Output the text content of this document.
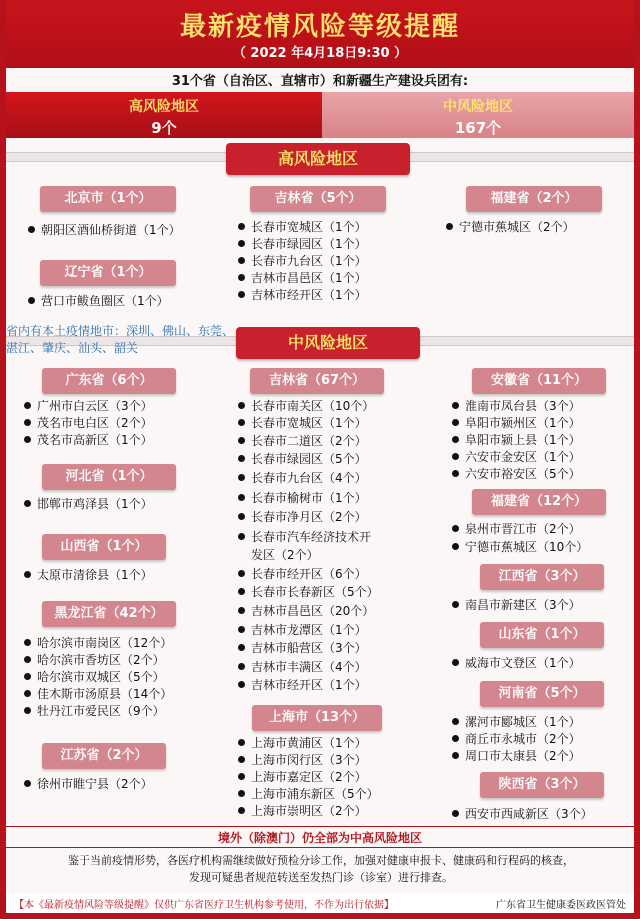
最新疫情风险等级提醒
（ 2022 年4月18日9:30 ）
31个省（自治区、直辖市）和新疆生产建设兵团有:
高风险地区
9个
中风险地区
167个
高风险地区
北京市（1个）
朝阳区酒仙桥街道（1个）
辽宁省（1个）
营口市鲅鱼圈区（1个）
吉林省（5个）
长春市宽城区（1个）
长春市绿园区（1个）
长春市九台区（1个）
吉林市昌邑区（1个）
吉林市经开区（1个）
福建省（2个）
宁德市蕉城区（2个）
省内有本土疫情地市：深圳、佛山、东莞、湛江、肇庆、汕头、韶关	中风险地区
广东省（6个）
广州市白云区（3个）
茂名市电白区（2个）
茂名市高新区（1个）
河北省（1个）
邯郸市鸡泽县（1个）
山西省（1个）
太原市清徐县（1个）
黑龙江省（42个）
哈尔滨市南岗区（12个）
哈尔滨市香坊区（2个）
哈尔滨市双城区（5个）
佳木斯市汤原县（14个）
牡丹江市爱民区（9个）
江苏省（2个）
徐州市睢宁县（2个）
吉林省（67个）
长春市南关区（10个）
长春市宽城区（1个）
长春市二道区（2个）
长春市绿园区（5个）
长春市九台区（4个）
长春市榆树市（1个）
长春市净月区（2个）
长春市汽车经济技术开
发区（2个）
长春市经开区（6个）
长春市长春新区（5个）
吉林市昌邑区（20个）
吉林市龙潭区（1个）
吉林市船营区（3个）
吉林市丰满区（4个）
吉林市经开区（1个）
上海市（13个）
上海市黄浦区（1个）
上海市闵行区（3个）
上海市嘉定区（2个）
上海市浦东新区（5个）
上海市崇明区（2个）
安徽省（11个）
淮南市凤台县（3个）
阜阳市颍州区（1个）
阜阳市颍上县（1个）
六安市金安区（1个）
六安市裕安区（5个）
福建省（12个）
泉州市晋江市（2个）
宁德市蕉城区（10个）
江西省（3个）
南昌市新建区（3个）
山东省（1个）
威海市文登区（1个）
河南省（5个）
漯河市郾城区（1个）
商丘市永城市（2个）
周口市太康县（2个）
陕西省（3个）
西安市西咸新区（3个）
境外（除澳门）仍全部为中高风险地区
鉴于当前疫情形势，各医疗机构需继续做好预检分诊工作，加强对健康申报卡、健康码和行程码的核查，
发现可疑患者规范转送至发热门诊（诊室）进行排查。
【本《最新疫情风险等级提醒》仅供广东省医疗卫生机构参考使用，不作为出行依据】	广东省卫生健康委医政医管处
